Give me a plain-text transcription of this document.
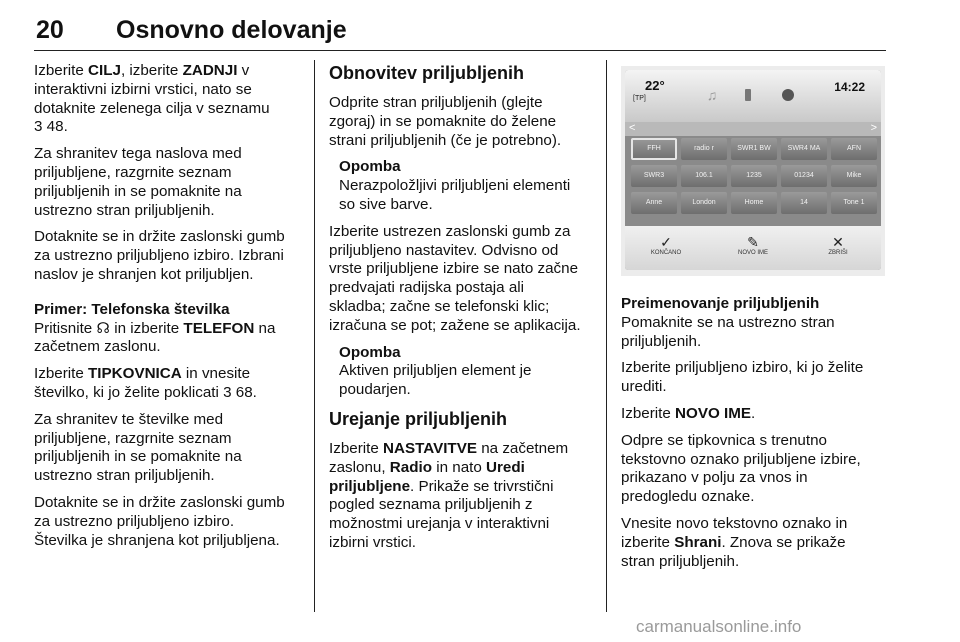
20 Osnovno delovanje

Izberite CILJ, izberite ZADNJI v
interaktivni izbirni vrstici, nato se
dotaknite zelenega cilja v seznamu
3 48.

Za shranitev tega naslova med
priljubljene, razgrnite seznam
priljubljenih in se pomaknite na
ustrezno stran priljubljenih.

Dotaknite se in držite zaslonski gumb
za ustrezno priljubljeno izbiro. Izbrani
naslov je shranjen kot priljubljen.

Primer: Telefonska številka

Pritisnite ☊ in izberite TELEFON na
začetnem zaslonu.

Izberite TIPKOVNICA in vnesite
številko, ki jo želite poklicati 3 68.

Za shranitev te številke med
priljubljene, razgrnite seznam
priljubljenih in se pomaknite na
ustrezno stran priljubljenih.

Dotaknite se in držite zaslonski gumb
za ustrezno priljubljeno izbiro.
Številka je shranjena kot priljubljena.

Obnovitev priljubljenih

Odprite stran priljubljenih (glejte
zgoraj) in se pomaknite do želene
strani priljubljenih (če je potrebno).

Opomba
Nerazpoložljivi priljubljeni elementi
so sive barve.

Izberite ustrezen zaslonski gumb za
priljubljeno nastavitev. Odvisno od
vrste priljubljene izbire se nato začne
predvajati radijska postaja ali
skladba; začne se telefonski klic;
izračuna se pot; zažene se aplikacija.

Opomba
Aktiven priljubljen element je
poudarjen.

Urejanje priljubljenih

Izberite NASTAVITVE na začetnem
zaslonu, Radio in nato Uredi
priljubljene. Prikaže se trivrstični
pogled seznama priljubljenih z
možnostmi urejanja v interaktivni
izbirni vrstici.

22°
[TP]	♫	14:22
<	>
FFH	radio r	SWR1 BW	SWR4 MA	AFN
SWR3	106.1	1235	01234	Mike
Anne	London	Home	14	Tone 1
✓
KONČANO
✎
NOVO IME
✕
ZBRIŠI

Preimenovanje priljubljenih

Pomaknite se na ustrezno stran
priljubljenih.

Izberite priljubljeno izbiro, ki jo želite
urediti.

Izberite NOVO IME.

Odpre se tipkovnica s trenutno
tekstovno oznako priljubljene izbire,
prikazano v polju za vnos in
predogledu oznake.

Vnesite novo tekstovno oznako in
izberite Shrani. Znova se prikaže
stran priljubljenih.

carmanualsonline.info
